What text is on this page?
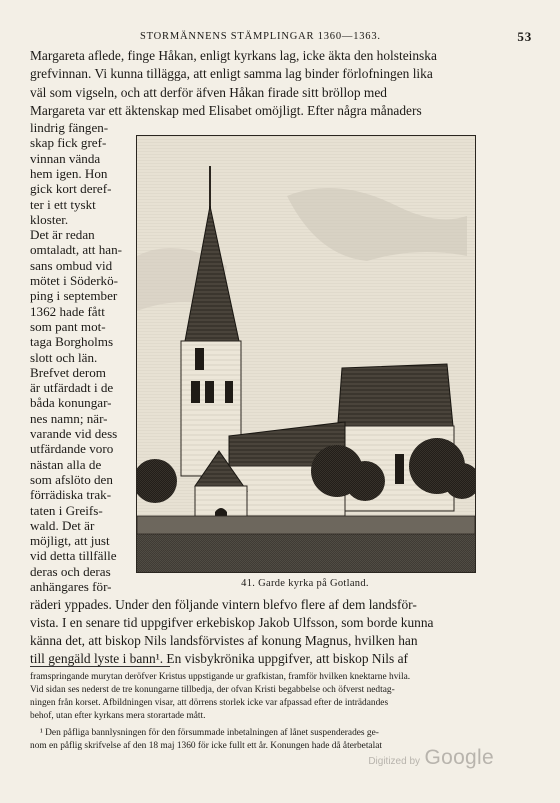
STORMÄNNENS STÄMPLINGAR 1360—1363.	53
Margareta aflede, finge Håkan, enligt kyrkans lag, icke äkta den holsteinska
grefvinnan. Vi kunna tillägga, att enligt samma lag binder förlofningen lika
väl som vigseln, och att derför äfven Håkan firade sitt bröllop med
Margareta var ett äktenskap med Elisabet omöjligt. Efter några månaders
lindrig fängen-
skap fick gref-
vinnan vända
hem igen. Hon
gick kort deref-
ter i ett tyskt
kloster.
Det är redan
omtaladt, att han-
sans ombud vid
mötet i Söderkö-
ping i september
1362 hade fått
som pant mot-
taga Borgholms
slott och län.
Brefvet derom
är utfärdadt i de
båda konungar-
nes namn; när-
varande vid dess
utfärdande voro
nästan alla de
som afslöto den
förrädiska trak-
taten i Greifs-
wald. Det är
möjligt, att just
vid detta tillfälle
deras och deras
anhängares för-	41. Garde kyrka på Gotland.
räderi yppades. Under den följande vintern blefvo flere af dem landsför-
vista. I en senare tid uppgifver erkebiskop Jakob Ulfsson, som borde kunna
känna det, att biskop Nils landsförvistes af konung Magnus, hvilken han
till gengäld lyste i bann¹. En visbykrönika uppgifver, att biskop Nils af
framspringande murytan deröfver Kristus uppstigande ur grafkistan, framför hvilken knektarne hvila.
Vid sidan ses nederst de tre konungarne tillbedja, der ofvan Kristi begabbelse och öfverst nedtag-
ningen från korset. Afbildningen visar, att dörrens storlek icke var afpassad efter de inträdandes
behof, utan efter kyrkans mera storartade mått.
¹ Den påfliga bannlysningen för den försummade inbetalningen af lånet suspenderades ge-
nom en påflig skrifvelse af den 18 maj 1360 för icke fullt ett år. Konungen hade då återbetalat
Digitized by Google
